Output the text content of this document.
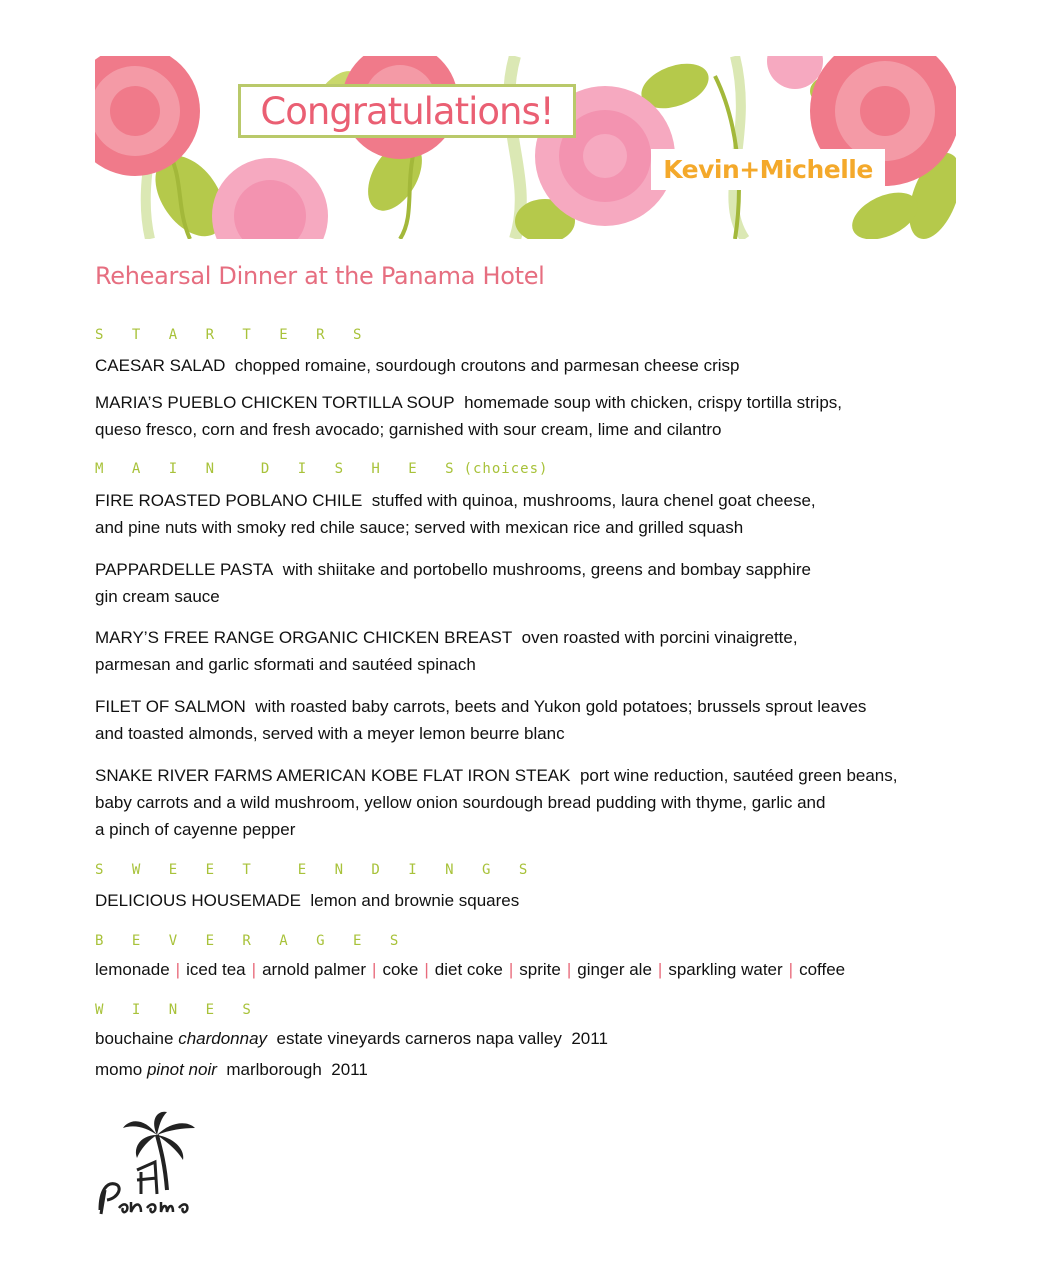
Congratulations!
Kevin+Michelle
Rehearsal Dinner at the Panama Hotel
S T A R T E R S
CAESAR SALAD chopped romaine, sourdough croutons and parmesan cheese crisp
MARIA’S PUEBLO CHICKEN TORTILLA SOUP homemade soup with chicken, crispy tortilla strips,
queso fresco, corn and fresh avocado; garnished with sour cream, lime and cilantro
M A I N  D I S H E S(choices)
FIRE ROASTED POBLANO CHILE stuffed with quinoa, mushrooms, laura chenel goat cheese,
and pine nuts with smoky red chile sauce; served with mexican rice and grilled squash
PAPPARDELLE PASTA with shiitake and portobello mushrooms, greens and bombay sapphire
gin cream sauce
MARY’S FREE RANGE ORGANIC CHICKEN BREAST oven roasted with porcini vinaigrette,
parmesan and garlic sformati and sautéed spinach
FILET OF SALMON with roasted baby carrots, beets and Yukon gold potatoes; brussels sprout leaves
and toasted almonds, served with a meyer lemon beurre blanc
SNAKE RIVER FARMS AMERICAN KOBE FLAT IRON STEAK port wine reduction, sautéed green beans,
baby carrots and a wild mushroom, yellow onion sourdough bread pudding with thyme, garlic and
a pinch of cayenne pepper
S W E E T  E N D I N G S
DELICIOUS HOUSEMADE lemon and brownie squares
B E V E R A G E S
lemonade | iced tea | arnold palmer | coke | diet coke | sprite | ginger ale | sparkling water | coffee
W I N E S
bouchaine chardonnay estate vineyards carneros napa valley 2011
momo pinot noir marlborough 2011
